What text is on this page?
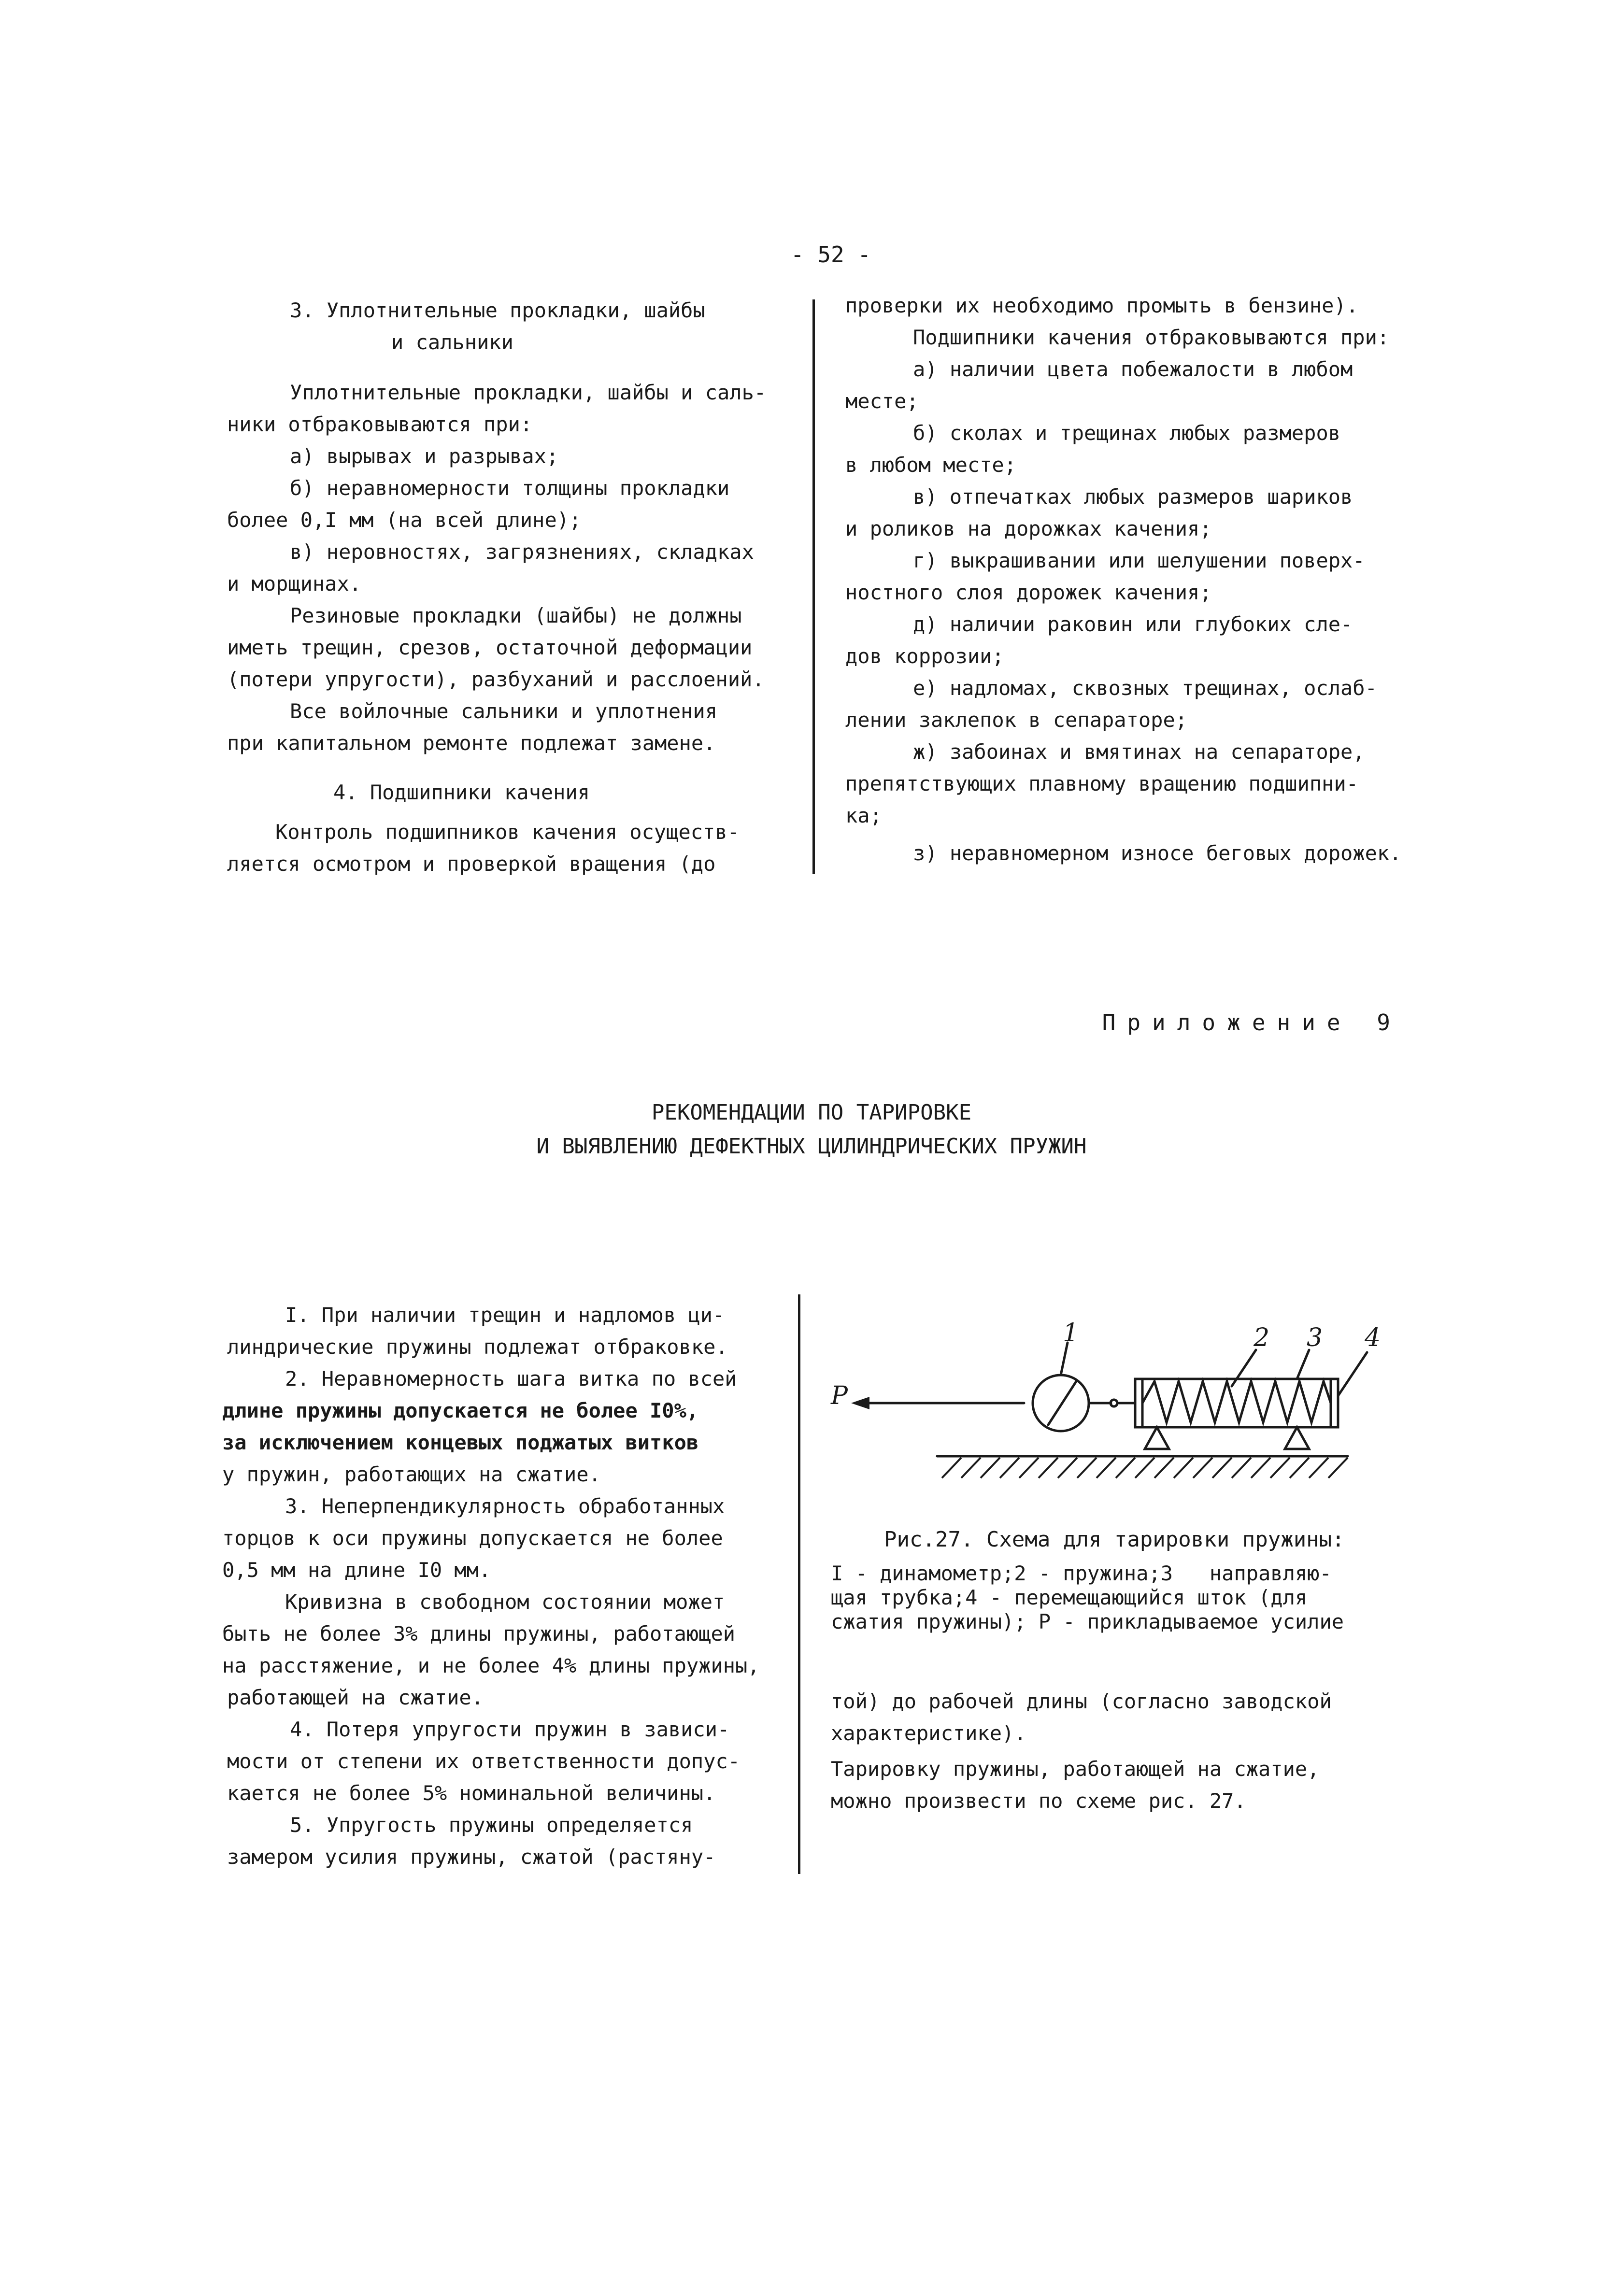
- 52 -
3. Уплотнительные прокладки, шайбы
и сальники
Уплотнительные прокладки, шайбы и саль-
ники отбраковываются при:
а) вырывах и разрывах;
б) неравномерности толщины прокладки
более 0,I мм (на всей длине);
в) неровностях, загрязнениях, складках
и морщинах.
Резиновые прокладки (шайбы) не должны
иметь трещин, срезов, остаточной деформации
(потери упругости), разбуханий и расслоений.
Все войлочные сальники и уплотнения
при капитальном ремонте подлежат замене.
4. Подшипники качения
Контроль подшипников качения осуществ-
ляется осмотром и проверкой вращения (до
проверки их необходимо промыть в бензине).
Подшипники качения отбраковываются при:
а) наличии цвета побежалости в любом
месте;
б) сколах и трещинах любых размеров
в любом месте;
в) отпечатках любых размеров шариков
и роликов на дорожках качения;
г) выкрашивании или шелушении поверх-
ностного слоя дорожек качения;
д) наличии раковин или глубоких сле-
дов коррозии;
е) надломах, сквозных трещинах, ослаб-
лении заклепок в сепараторе;
ж) забоинах и вмятинах на сепараторе,
препятствующих плавному вращению подшипни-
ка;
з) неравномерном износе беговых дорожек.
Приложение 9
РЕКОМЕНДАЦИИ ПО ТАРИРОВКЕ
И ВЫЯВЛЕНИЮ ДЕФЕКТНЫХ ЦИЛИНДРИЧЕСКИХ ПРУЖИН
I. При наличии трещин и надломов ци-
линдрические пружины подлежат отбраковке.
2. Неравномерность шага витка по всей
длине пружины допускается не более I0%,
за исключением концевых поджатых витков
у пружин, работающих на сжатие.
3. Неперпендикулярность обработанных
торцов к оси пружины допускается не более
0,5 мм на длине I0 мм.
Кривизна в свободном состоянии может
быть не более 3% длины пружины, работающей
на расстяжение, и не более 4% длины пружины,
работающей на сжатие.
4. Потеря упругости пружин в зависи-
мости от степени их ответственности допус-
кается не более 5% номинальной величины.
5. Упругость пружины определяется
замером усилия пружины, сжатой (растяну-
1	2 3 4
P
Рис.27. Схема для тарировки пружины:
I - динамометр;2 - пружина;3   направляю-
щая трубка;4 - перемещающийся шток (для
сжатия пружины); P - прикладываемое усилие
той) до рабочей длины (согласно заводской
характеристике).
Тарировку пружины, работающей на сжатие,
можно произвести по схеме рис. 27.
